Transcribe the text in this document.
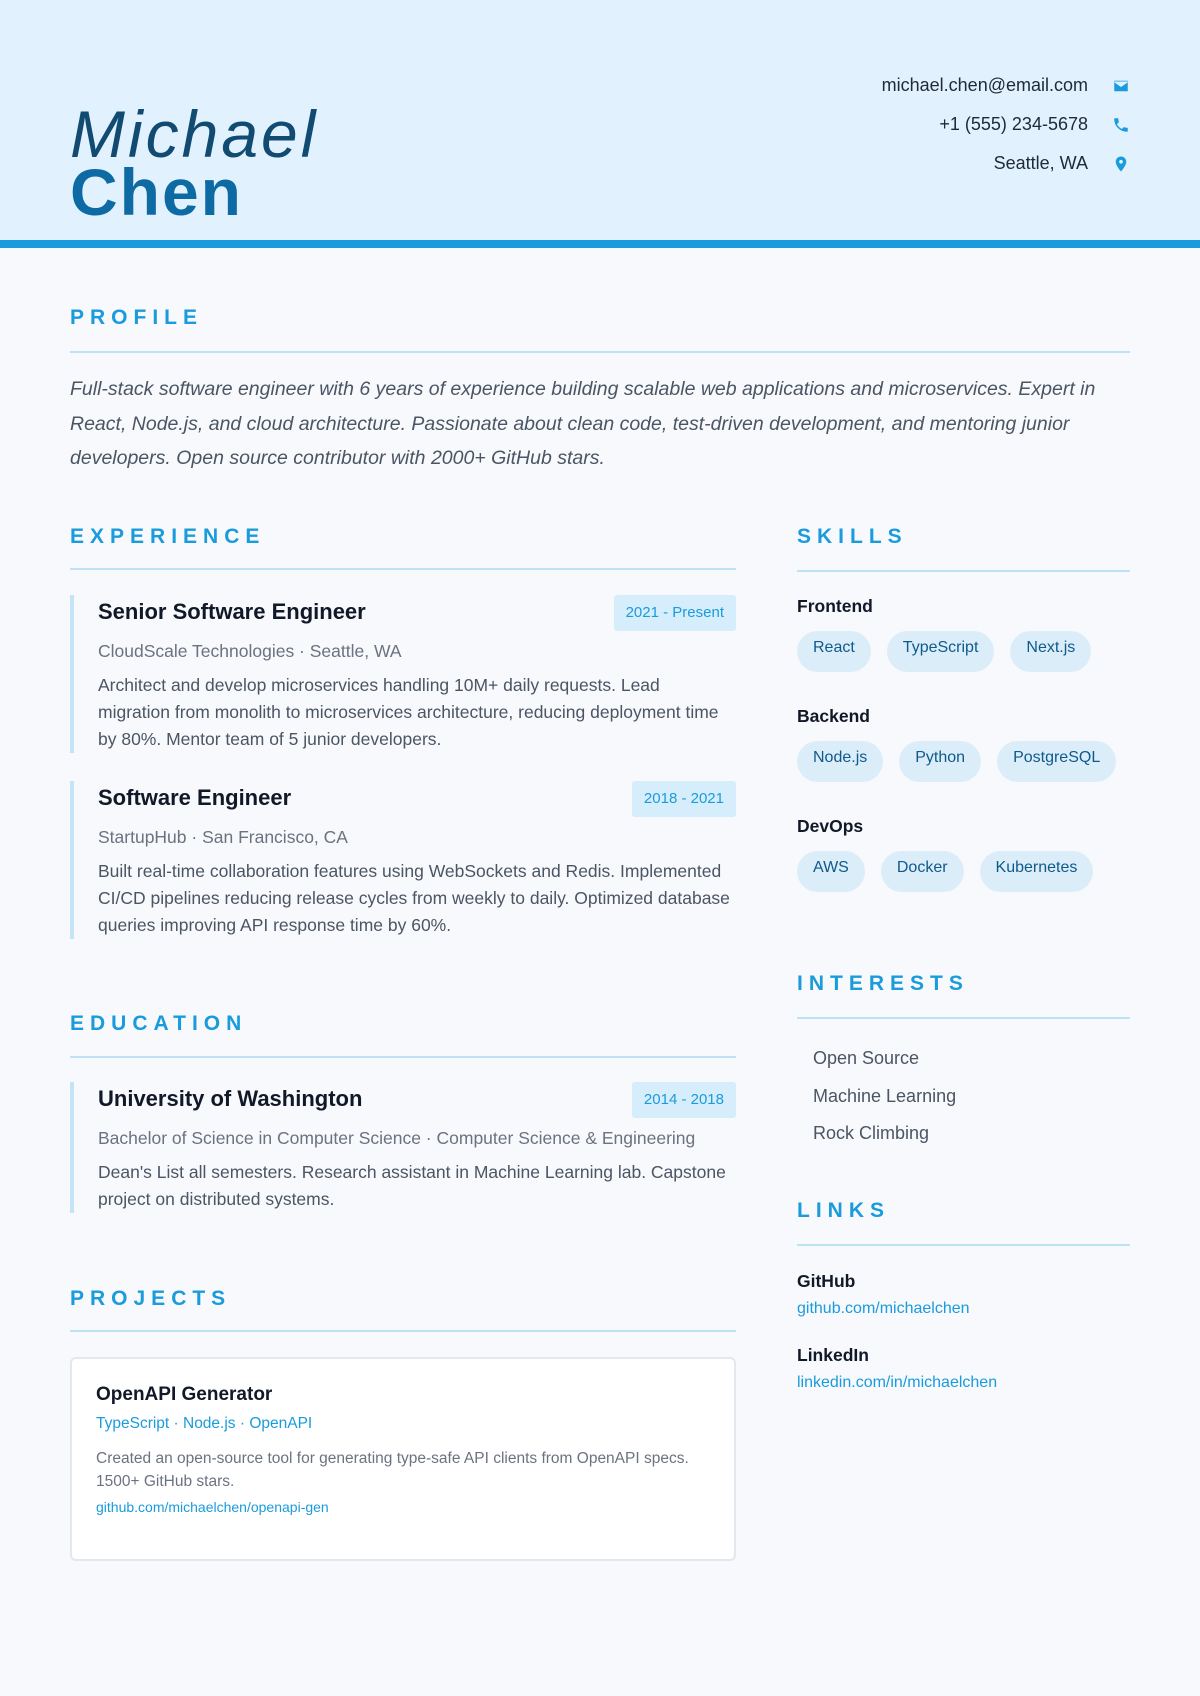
Michael
Chen
michael.chen@email.com
+1 (555) 234-5678
Seattle, WA
PROFILE
Full-stack software engineer with 6 years of experience building scalable web applications and microservices. Expert in React, Node.js, and cloud architecture. Passionate about clean code, test-driven development, and mentoring junior developers. Open source contributor with 2000+ GitHub stars.
EXPERIENCE
Senior Software Engineer	2021 - Present
CloudScale Technologies · Seattle, WA
Architect and develop microservices handling 10M+ daily requests. Lead migration from monolith to microservices architecture, reducing deployment time by 80%. Mentor team of 5 junior developers.
Software Engineer	2018 - 2021
StartupHub · San Francisco, CA
Built real-time collaboration features using WebSockets and Redis. Implemented CI/CD pipelines reducing release cycles from weekly to daily. Optimized database queries improving API response time by 60%.
EDUCATION
University of Washington	2014 - 2018
Bachelor of Science in Computer Science · Computer Science & Engineering
Dean's List all semesters. Research assistant in Machine Learning lab. Capstone project on distributed systems.
PROJECTS
OpenAPI Generator
TypeScript · Node.js · OpenAPI
Created an open-source tool for generating type-safe API clients from OpenAPI specs. 1500+ GitHub stars.
github.com/michaelchen/openapi-gen
SKILLS
Frontend
React	TypeScript	Next.js
Backend
Node.js	Python	PostgreSQL
DevOps
AWS	Docker	Kubernetes
INTERESTS
Open Source
Machine Learning
Rock Climbing
LINKS
GitHub
github.com/michaelchen
LinkedIn
linkedin.com/in/michaelchen
